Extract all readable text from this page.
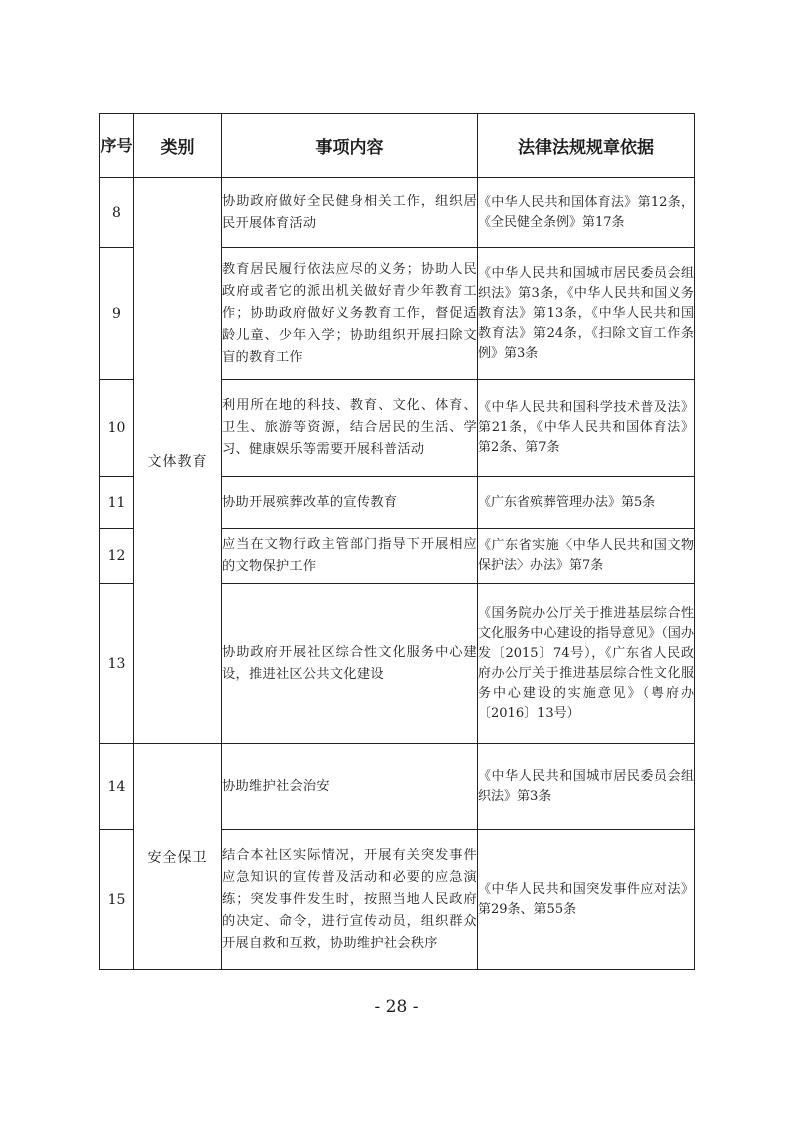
序号	类别	事项内容	法律法规规章依据
8	文体教育	协助政府做好全民健身相关工作，组织居民开展体育活动	《中华人民共和国体育法》第12条，《全民健全条例》第17条
9		教育居民履行依法应尽的义务；协助人民政府或者它的派出机关做好青少年教育工作；协助政府做好义务教育工作，督促适龄儿童、少年入学；协助组织开展扫除文盲的教育工作	《中华人民共和国城市居民委员会组织法》第3条，《中华人民共和国义务教育法》第13条，《中华人民共和国教育法》第24条，《扫除文盲工作条例》第3条
10		利用所在地的科技、教育、文化、体育、卫生、旅游等资源，结合居民的生活、学习、健康娱乐等需要开展科普活动	《中华人民共和国科学技术普及法》第21条，《中华人民共和国体育法》第2条、第7条
11		协助开展殡葬改革的宣传教育	《广东省殡葬管理办法》第5条
12		应当在文物行政主管部门指导下开展相应的文物保护工作	《广东省实施〈中华人民共和国文物保护法〉办法》第7条
13		协助政府开展社区综合性文化服务中心建设，推进社区公共文化建设	《国务院办公厅关于推进基层综合性文化服务中心建设的指导意见》（国办发〔2015〕74号），《广东省人民政府办公厅关于推进基层综合性文化服务中心建设的实施意见》（粤府办〔2016〕13号）
14	安全保卫	协助维护社会治安	《中华人民共和国城市居民委员会组织法》第3条
15		结合本社区实际情况，开展有关突发事件应急知识的宣传普及活动和必要的应急演练；突发事件发生时，按照当地人民政府的决定、命令，进行宣传动员，组织群众开展自救和互救，协助维护社会秩序	《中华人民共和国突发事件应对法》第29条、第55条
- 28 -
